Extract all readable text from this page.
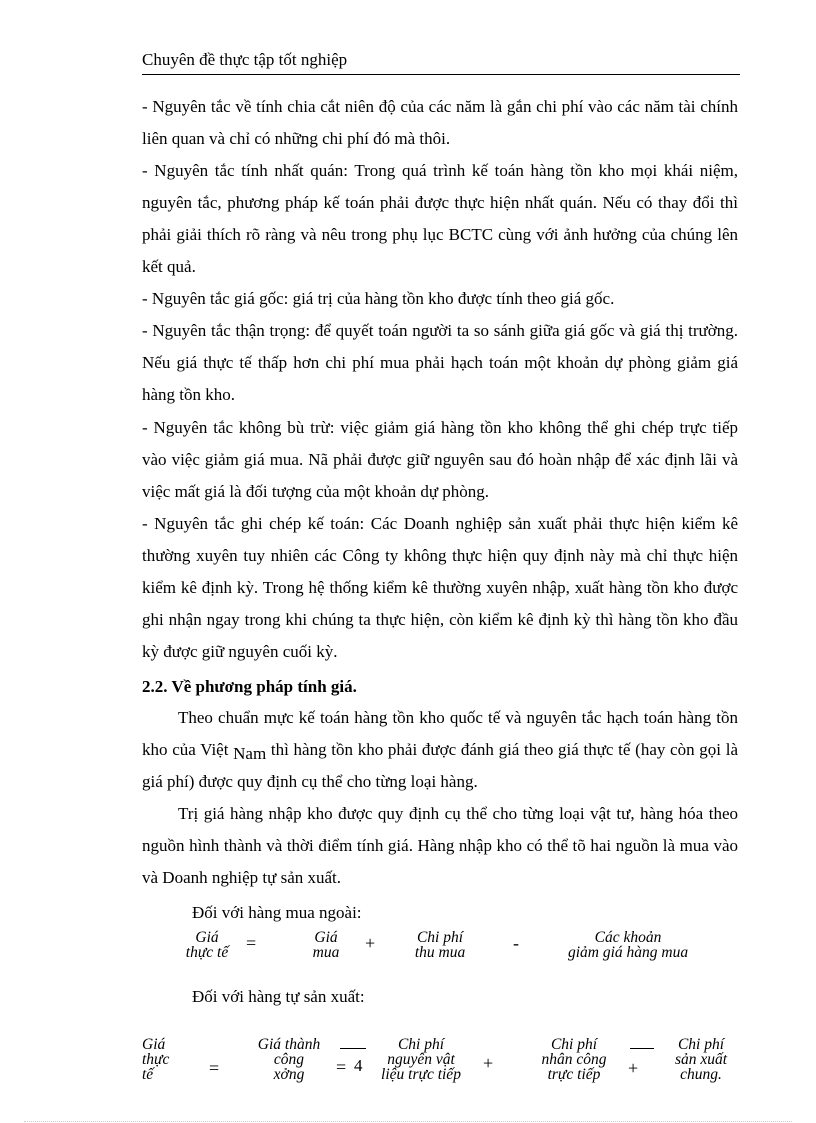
Chuyên đề thực tập tốt nghiệp
- Nguyên tắc về tính chia cắt niên độ của các năm là gắn chi phí vào các năm tài chính liên quan và chỉ có những chi phí đó mà thôi.
- Nguyên tắc tính nhất quán: Trong quá trình kế toán hàng tồn kho mọi khái niệm, nguyên tắc, phương pháp kế toán phải được thực hiện nhất quán. Nếu có thay đổi thì phải giải thích rõ ràng và nêu trong phụ lục BCTC cùng với ảnh hưởng của chúng lên kết quả.
- Nguyên tắc giá gốc: giá trị của hàng tồn kho được tính theo giá gốc.
- Nguyên tắc thận trọng: để quyết toán người ta so sánh giữa giá gốc và giá thị trường. Nếu giá thực tế thấp hơn chi phí mua phải hạch toán một khoản dự phòng giảm giá hàng tồn kho.
- Nguyên tắc không bù trừ: việc giảm giá hàng tồn kho không thể ghi chép trực tiếp vào việc giảm giá mua. Nã phải được giữ nguyên sau đó hoàn nhập để xác định lãi và việc mất giá là đối tượng của một khoản dự phòng.
- Nguyên tắc ghi chép kế toán: Các Doanh nghiệp sản xuất phải thực hiện kiểm kê thường xuyên tuy nhiên các Công ty không thực hiện quy định này mà chỉ thực hiện kiểm kê định kỳ. Trong hệ thống kiểm kê thường xuyên nhập, xuất hàng tồn kho được ghi nhận ngay trong khi chúng ta thực hiện, còn kiểm kê định kỳ thì hàng tồn kho đầu kỳ được giữ nguyên cuối kỳ.
2.2. Về phương pháp tính giá.
Theo chuẩn mực kế toán hàng tồn kho quốc tế và nguyên tắc hạch toán hàng tồn kho của Việt Nam thì hàng tồn kho phải được đánh giá theo giá thực tế (hay còn gọi là giá phí) được quy định cụ thể cho từng loại hàng.
Trị giá hàng nhập kho được quy định cụ thể cho từng loại vật tư, hàng hóa theo nguồn hình thành và thời điểm tính giá. Hàng nhập kho có thể tõ hai nguồn là mua vào và Doanh nghiệp tự sản xuất.
Đối với hàng mua ngoài:
Giá
thực tế =	Giá
mua	+	Chi phí
thu mua	-	Các khoản
giảm giá hàng mua
Đối với hàng tự sản xuất:
Giá
thực
tế	=
Giá thành
công
xởng	= 4
Chi phí
nguyên vật
liệu trực tiếp
+
Chi phí
nhân công
trực tiếp	+
Chi phí
sản xuất
chung.
